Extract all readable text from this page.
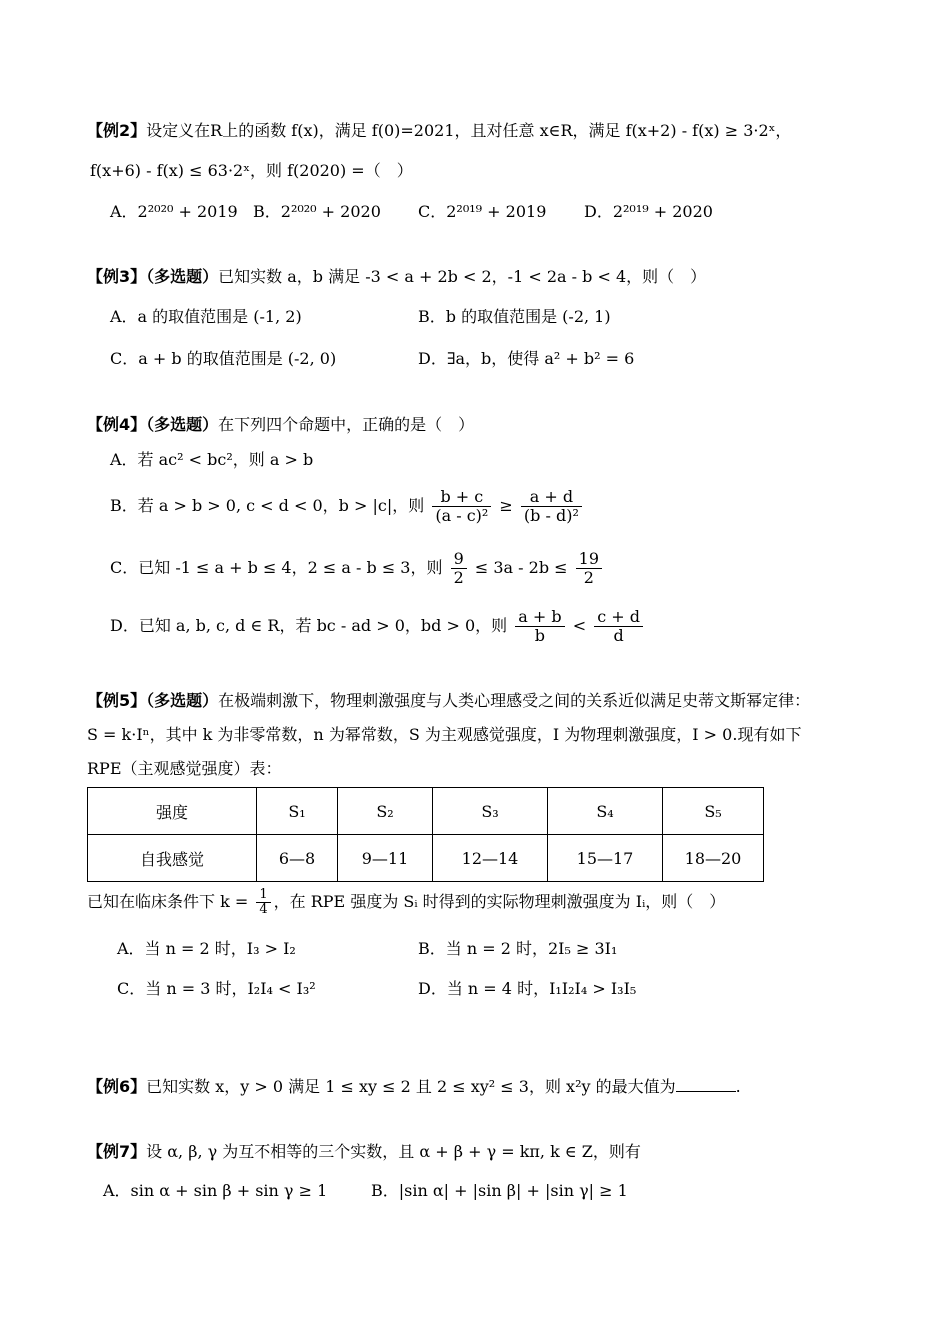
【例2】设定义在R上的函数 f(x)，满足 f(0)=2021，且对任意 x∈R，满足 f(x+2) - f(x) ≥ 3·2ˣ，
f(x+6) - f(x) ≤ 63·2ˣ，则 f(2020) =（　）
A．2²⁰²⁰ + 2019 B．2²⁰²⁰ + 2020 C．2²⁰¹⁹ + 2019 D．2²⁰¹⁹ + 2020
【例3】（多选题）已知实数 a，b 满足 -3 < a + 2b < 2，-1 < 2a - b < 4，则（　）
A．a 的取值范围是 (-1, 2)	B．b 的取值范围是 (-2, 1)
C．a + b 的取值范围是 (-2, 0)	D．∃a，b，使得 a² + b² = 6
【例4】（多选题）在下列四个命题中，正确的是（　）
A．若 ac² < bc²，则 a > b
B．若 a > b > 0, c < d < 0，b > |c|，则 $\frac{b + c}{\text{(a - c)²}} \ge \frac{a + d}{\text{(b - d)²}}$
C．已知 -1 ≤ a + b ≤ 4，2 ≤ a - b ≤ 3，则 $\frac{9}{2} \le 3a - 2b \le \frac{19}{2}$
D．已知 a, b, c, d ∈ R，若 bc - ad > 0，bd > 0，则 $\frac{a + b}{b} < \frac{c + d}{d}$
【例5】（多选题）在极端刺激下，物理刺激强度与人类心理感受之间的关系近似满足史蒂文斯幂定律：
S = k·Iⁿ，其中 k 为非零常数，n 为幂常数，S 为主观感觉强度，I 为物理刺激强度，I > 0.现有如下
RPE（主观感觉强度）表：
强度	S₁	S₂	S₃	S₄	S₅
自我感觉	6—8	9—11	12—14	15—17	18—20
已知在临床条件下 $k = \frac{1}{4}$ ，在 RPE 强度为 Sᵢ 时得到的实际物理刺激强度为 Iᵢ，则（　）
A．当 n = 2 时，I₃ > I₂	B．当 n = 2 时，2I₅ ≥ 3I₁
C．当 n = 3 时，I₂I₄ < I₃²	D．当 n = 4 时，I₁I₂I₄ > I₃I₅
【例6】已知实数 x，y > 0 满足 1 ≤ xy ≤ 2 且 2 ≤ xy² ≤ 3，则 x²y 的最大值为	.
【例7】设 α, β, γ 为互不相等的三个实数，且 α + β + γ = kπ, k ∈ Z，则有
A．sin α + sin β + sin γ ≥ 1	B．|sin α| + |sin β| + |sin γ| ≥ 1
